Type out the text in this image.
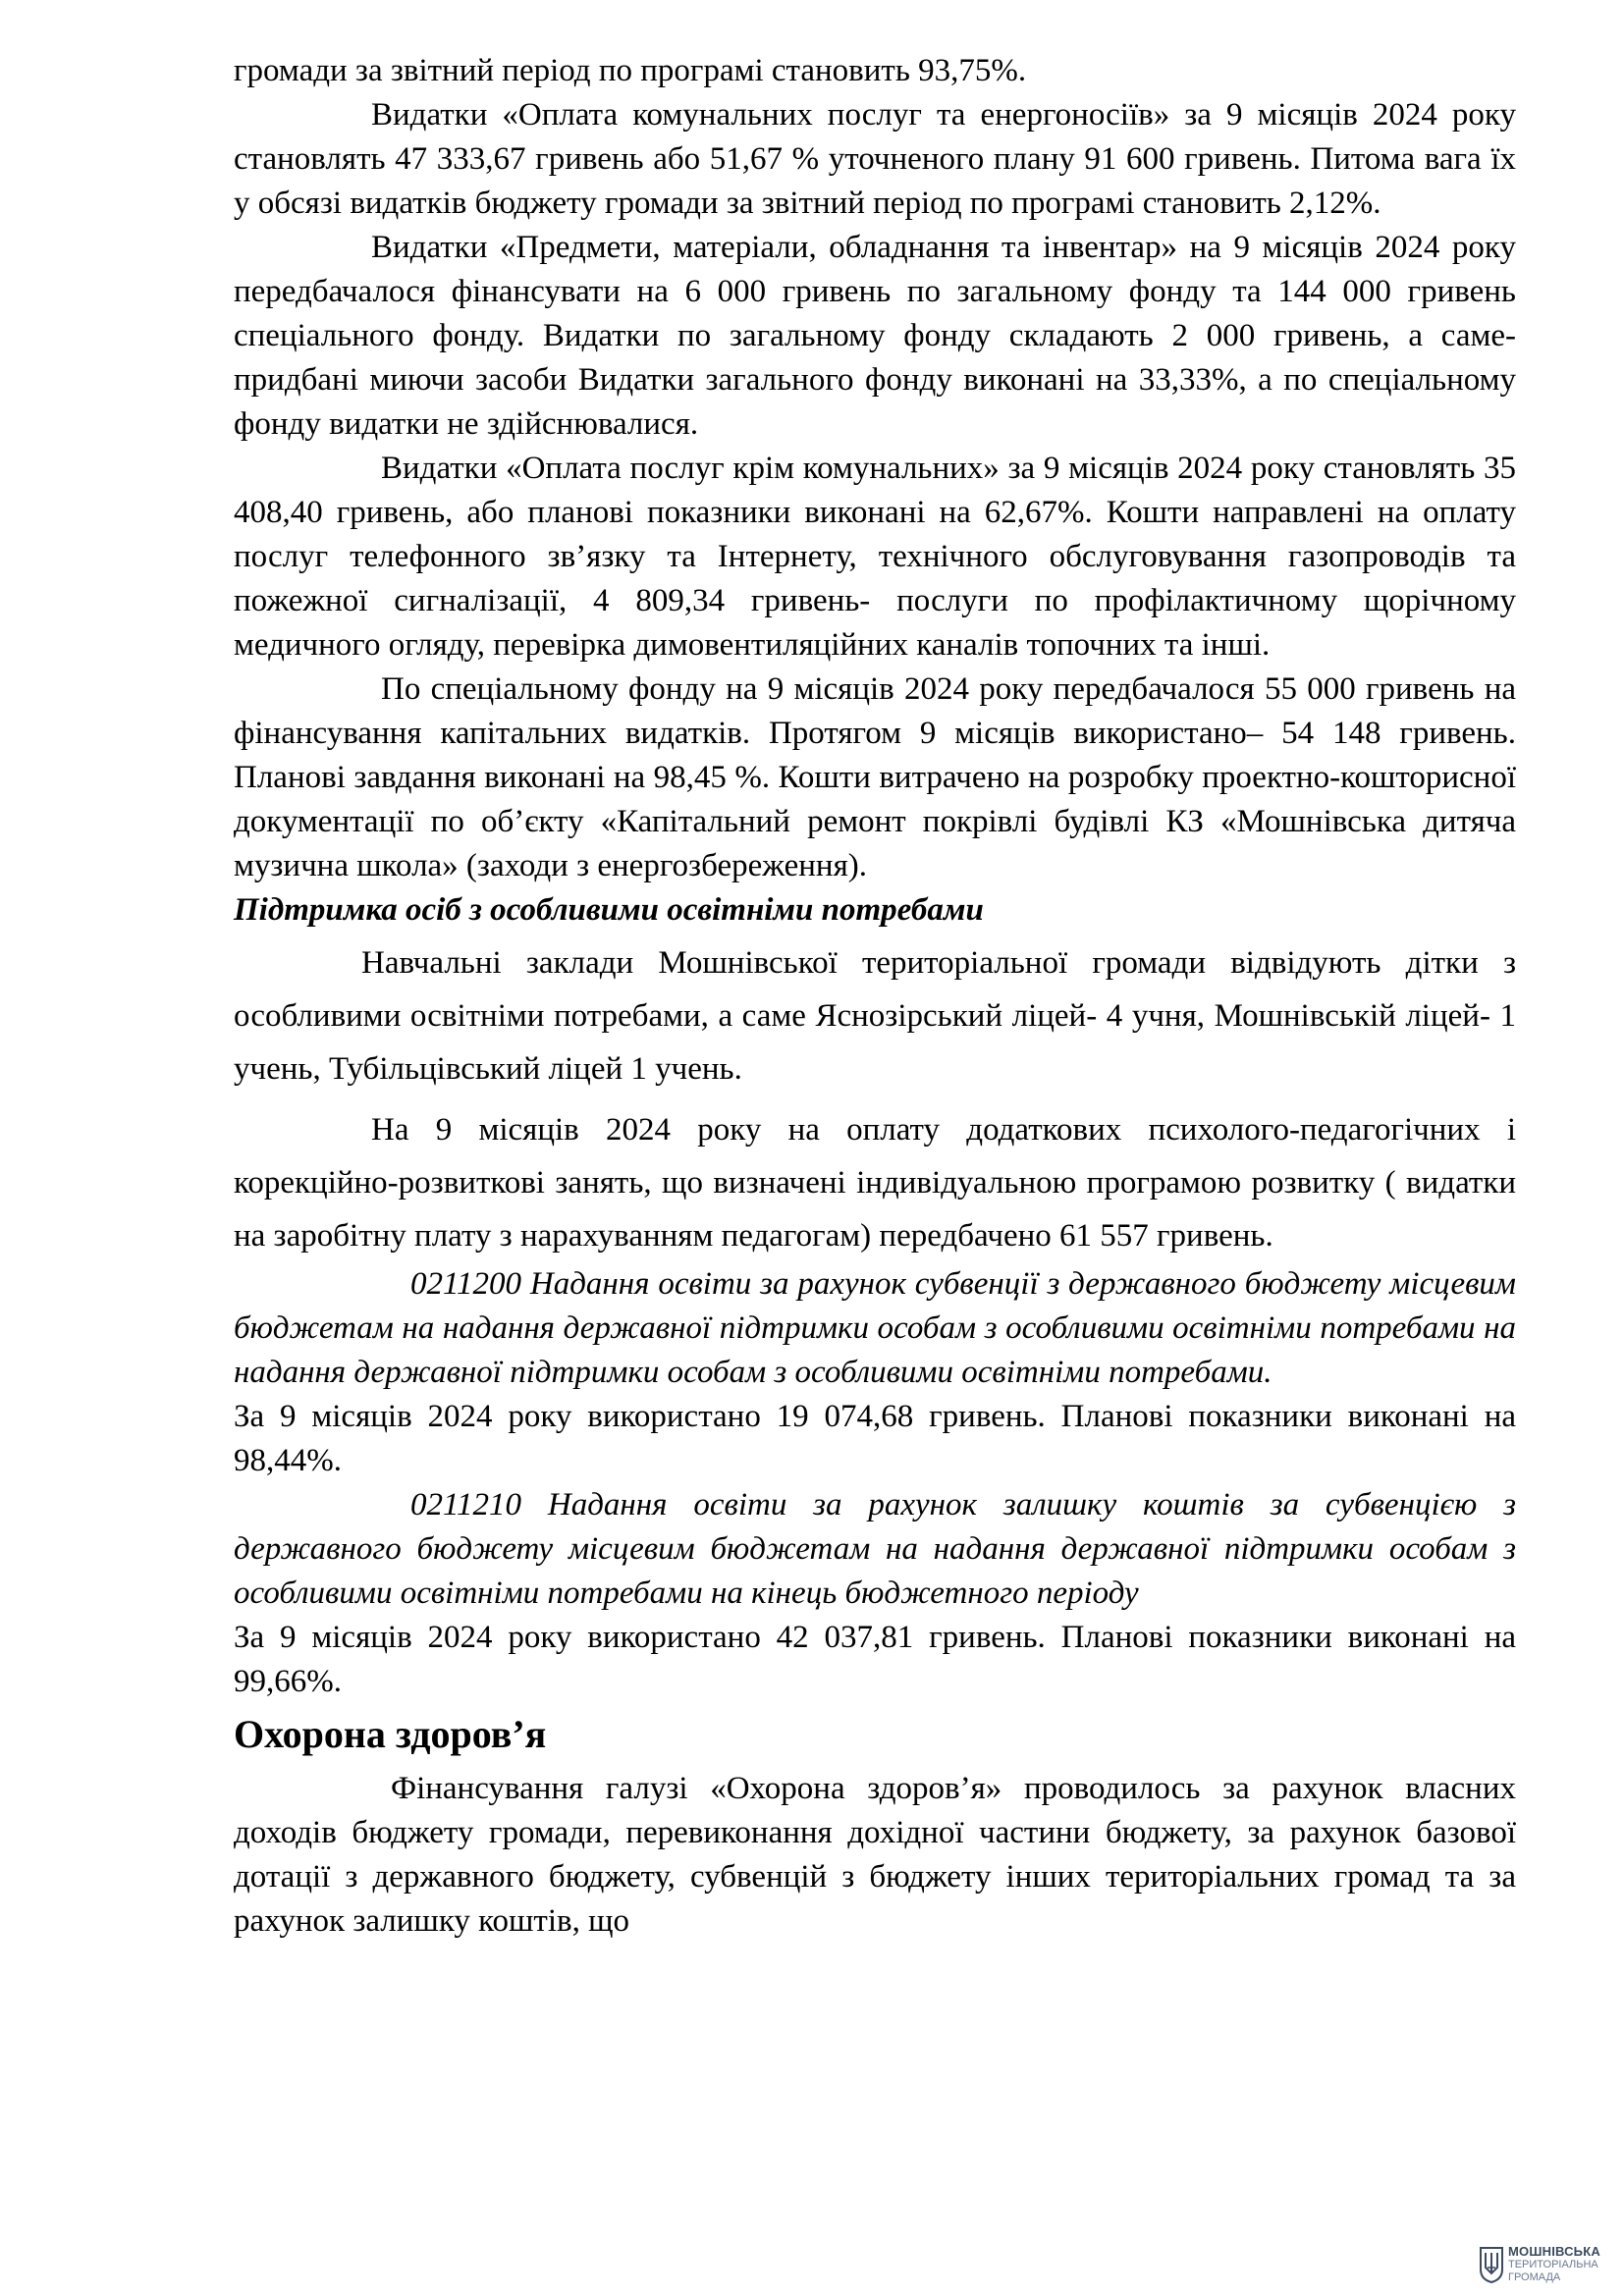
громади за звітний період по програмі становить 93,75%.

Видатки «Оплата комунальних послуг та енергоносіїв» за 9 місяців 2024 року становлять 47 333,67 гривень або 51,67 % уточненого плану 91 600 гривень. Питома вага їх у обсязі видатків бюджету громади за звітний період по програмі становить 2,12%.

Видатки «Предмети, матеріали, обладнання та інвентар» на 9 місяців 2024 року передбачалося фінансувати на 6 000 гривень по загальному фонду та 144 000 гривень спеціального фонду. Видатки по загальному фонду складають 2 000 гривень, а саме- придбані миючи засоби Видатки загального фонду виконані на 33,33%, а по спеціальному фонду видатки не здійснювалися.

Видатки «Оплата послуг крім комунальних» за 9 місяців 2024 року становлять 35 408,40 гривень, або планові показники виконані на 62,67%. Кошти направлені на оплату послуг телефонного зв’язку та Інтернету, технічного обслуговування газопроводів та пожежної сигналізації, 4 809,34 гривень- послуги по профілактичному щорічному медичного огляду, перевірка димовентиляційних каналів топочних та інші.

По спеціальному фонду на 9 місяців 2024 року передбачалося 55 000 гривень на фінансування капітальних видатків. Протягом 9 місяців використано– 54 148 гривень. Планові завдання виконані на 98,45 %. Кошти витрачено на розробку проектно-кошторисної документації по об’єкту «Капітальний ремонт покрівлі будівлі КЗ «Мошнівська дитяча музична школа» (заходи з енергозбереження).

Підтримка осіб з особливими освітніми потребами

Навчальні заклади Мошнівської територіальної громади відвідують дітки з особливими освітніми потребами, а саме Яснозірський ліцей- 4 учня, Мошнівській ліцей- 1 учень, Тубільцівський ліцей 1 учень.

На 9 місяців 2024 року на оплату додаткових психолого-педагогічних і корекційно-розвиткові занять, що визначені індивідуальною програмою розвитку ( видатки на заробітну плату з нарахуванням педагогам) передбачено 61 557 гривень.

0211200 Надання освіти за рахунок субвенції з державного бюджету місцевим бюджетам на надання державної підтримки особам з особливими освітніми потребами на надання державної підтримки особам з особливими освітніми потребами.

За 9 місяців 2024 року використано 19 074,68 гривень. Планові показники виконані на 98,44%.

0211210 Надання освіти за рахунок залишку коштів за субвенцією з державного бюджету місцевим бюджетам на надання державної підтримки особам з особливими освітніми потребами на кінець бюджетного періоду

За 9 місяців 2024 року використано 42 037,81 гривень. Планові показники виконані на 99,66%.

Охорона здоров’я

Фінансування галузі «Охорона здоров’я» проводилось за рахунок власних доходів бюджету громади, перевиконання дохідної частини бюджету, за рахунок базової дотації з державного бюджету, субвенцій з бюджету інших територіальних громад та за рахунок залишку коштів, що

МОШНІВСЬКА
ТЕРИТОРІАЛЬНА
ГРОМАДА
